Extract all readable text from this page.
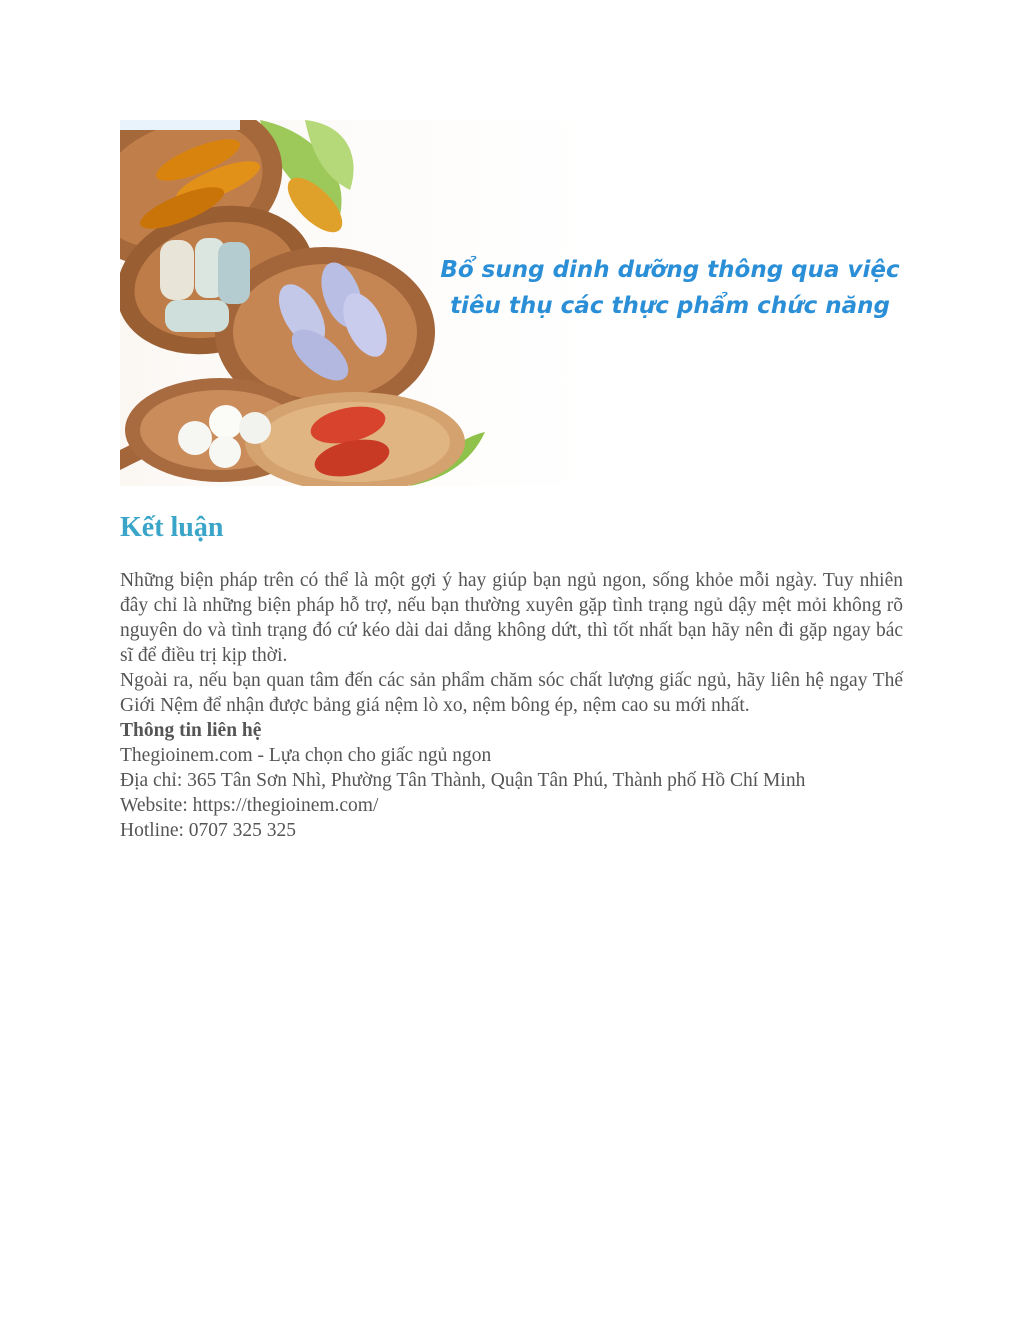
Bổ sung dinh dưỡng thông qua việc
tiêu thụ các thực phẩm chức năng
Kết luận

Những biện pháp trên có thể là một gợi ý hay giúp bạn ngủ ngon, sống khỏe mỗi ngày. Tuy nhiên đây chỉ là những biện pháp hỗ trợ, nếu bạn thường xuyên gặp tình trạng ngủ dậy mệt mỏi không rõ nguyên do và tình trạng đó cứ kéo dài dai dẳng không dứt, thì tốt nhất bạn hãy nên đi gặp ngay bác sĩ để điều trị kịp thời.

Ngoài ra, nếu bạn quan tâm đến các sản phẩm chăm sóc chất lượng giấc ngủ, hãy liên hệ ngay Thế Giới Nệm để nhận được bảng giá nệm lò xo, nệm bông ép, nệm cao su mới nhất.

Thông tin liên hệ
Thegioinem.com - Lựa chọn cho giấc ngủ ngon
Địa chỉ: 365 Tân Sơn Nhì, Phường Tân Thành, Quận Tân Phú, Thành phố Hồ Chí Minh
Website: https://thegioinem.com/
Hotline: 0707 325 325
